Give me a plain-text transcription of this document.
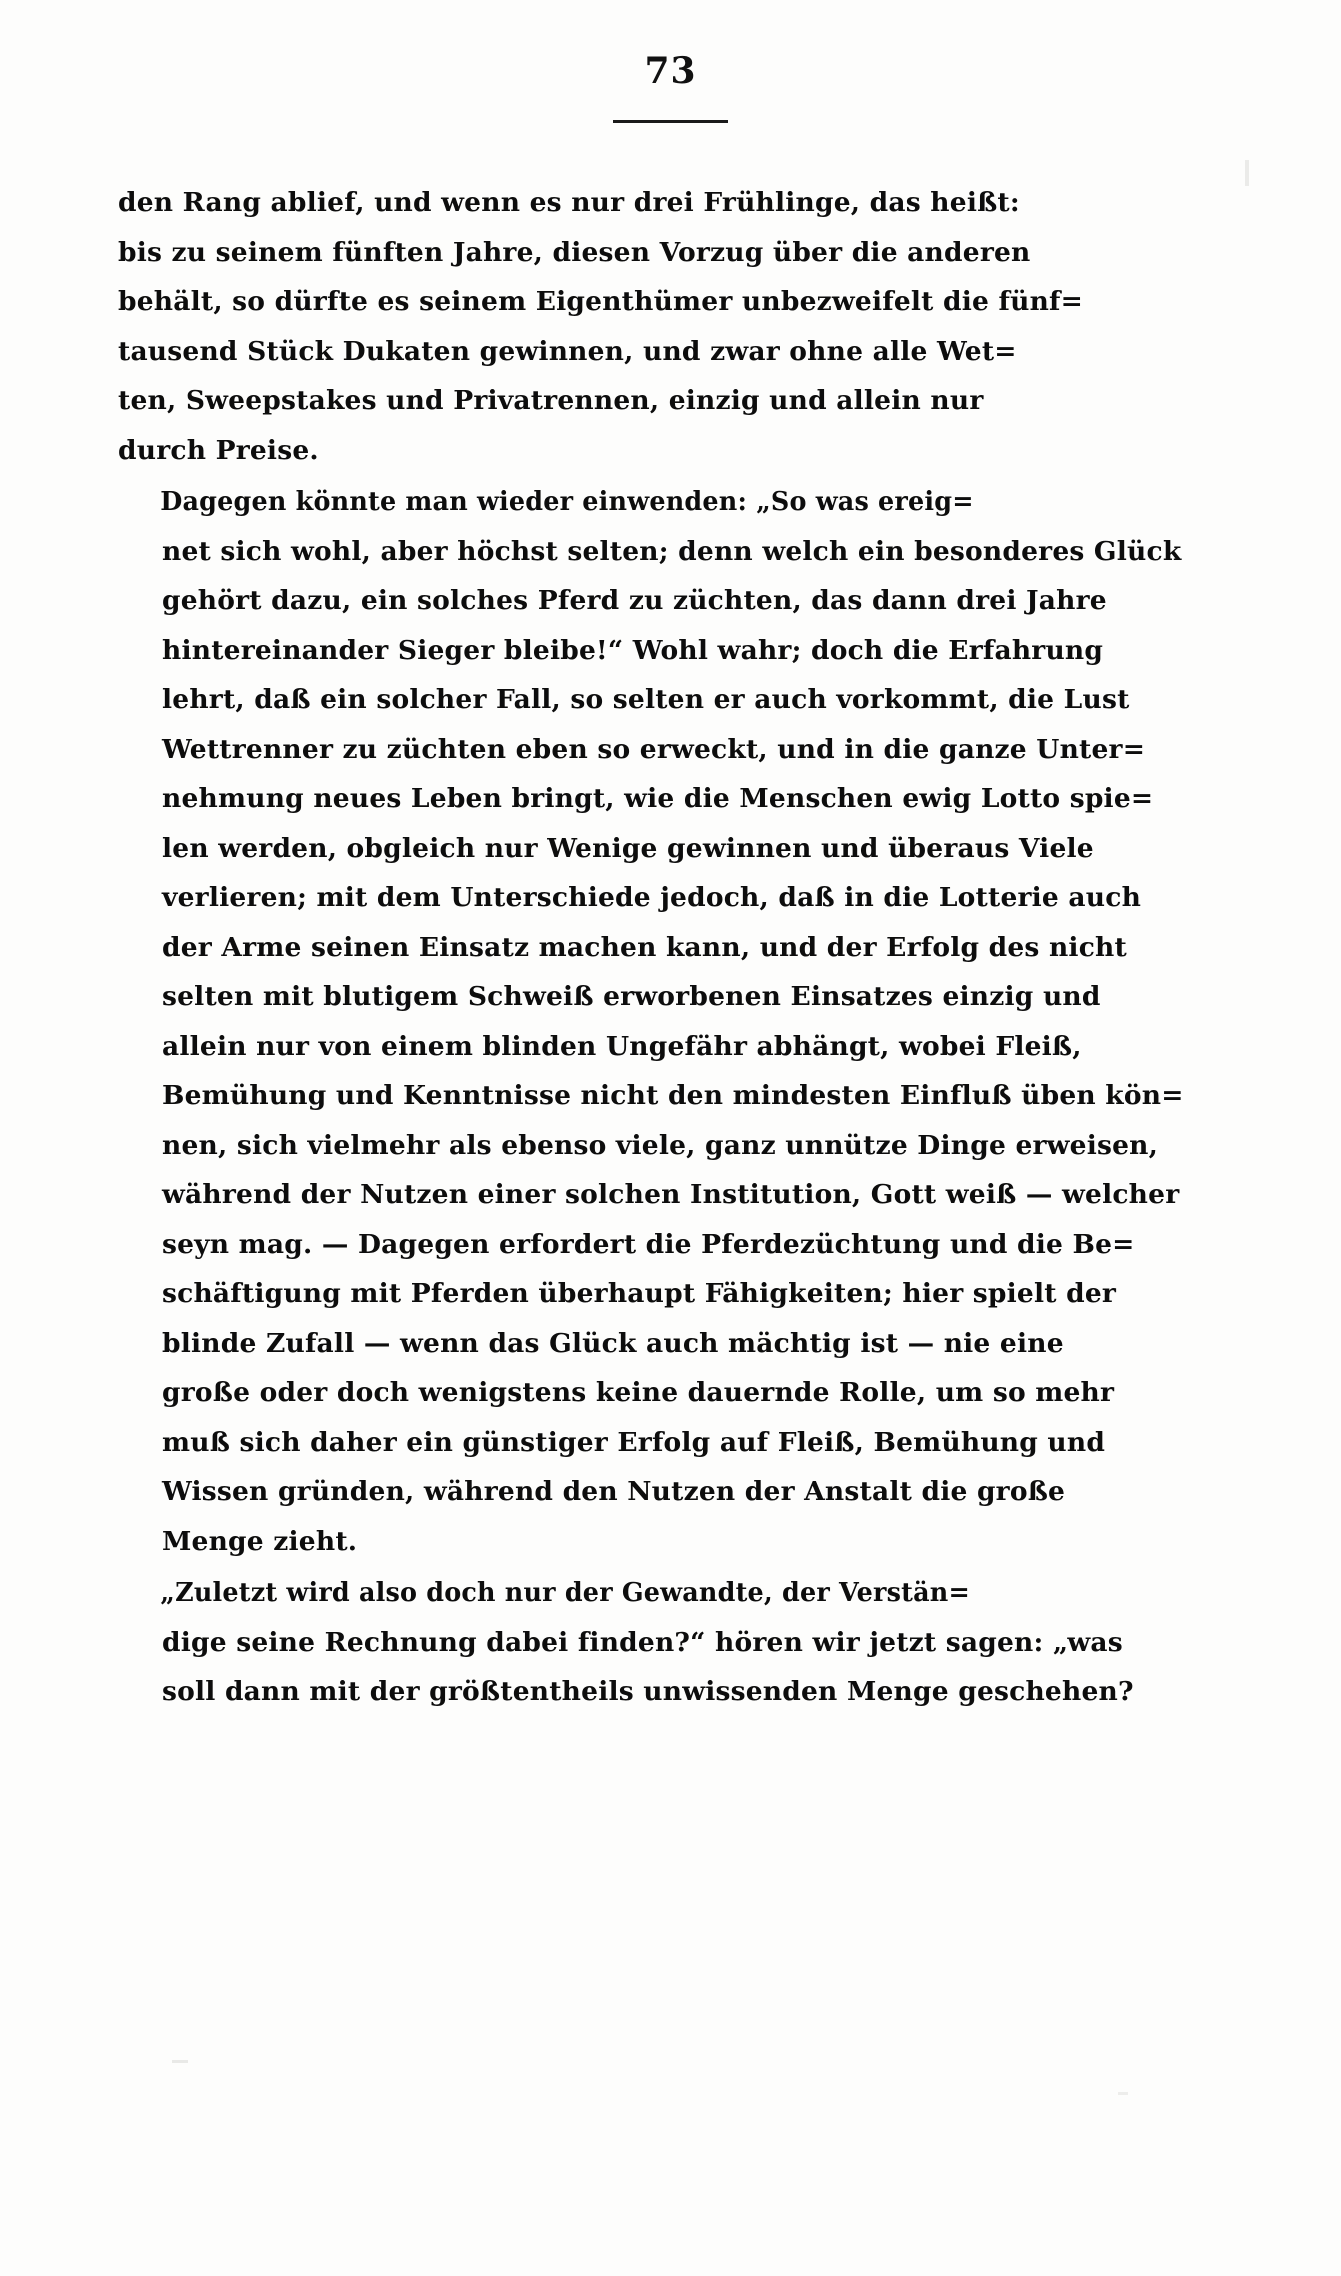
73

den Rang ablief, und wenn es nur drei Frühlinge, das heißt:
bis zu seinem fünften Jahre, diesen Vorzug über die anderen
behält, so dürfte es seinem Eigenthümer unbezweifelt die fünf=
tausend Stück Dukaten gewinnen, und zwar ohne alle Wet=
ten, Sweepstakes und Privatrennen, einzig und allein nur
durch Preise.

Dagegen könnte man wieder einwenden: „So was ereig=
net sich wohl, aber höchst selten; denn welch ein besonderes Glück
gehört dazu, ein solches Pferd zu züchten, das dann drei Jahre
hintereinander Sieger bleibe!“ Wohl wahr; doch die Erfahrung
lehrt, daß ein solcher Fall, so selten er auch vorkommt, die Lust
Wettrenner zu züchten eben so erweckt, und in die ganze Unter=
nehmung neues Leben bringt, wie die Menschen ewig Lotto spie=
len werden, obgleich nur Wenige gewinnen und überaus Viele
verlieren; mit dem Unterschiede jedoch, daß in die Lotterie auch
der Arme seinen Einsatz machen kann, und der Erfolg des nicht
selten mit blutigem Schweiß erworbenen Einsatzes einzig und
allein nur von einem blinden Ungefähr abhängt, wobei Fleiß,
Bemühung und Kenntnisse nicht den mindesten Einfluß üben kön=
nen, sich vielmehr als ebenso viele, ganz unnütze Dinge erweisen,
während der Nutzen einer solchen Institution, Gott weiß — welcher
seyn mag. — Dagegen erfordert die Pferdezüchtung und die Be=
schäftigung mit Pferden überhaupt Fähigkeiten; hier spielt der
blinde Zufall — wenn das Glück auch mächtig ist — nie eine
große oder doch wenigstens keine dauernde Rolle, um so mehr
muß sich daher ein günstiger Erfolg auf Fleiß, Bemühung und
Wissen gründen, während den Nutzen der Anstalt die große
Menge zieht.

„Zuletzt wird also doch nur der Gewandte, der Verstän=
dige seine Rechnung dabei finden?“ hören wir jetzt sagen: „was
soll dann mit der größtentheils unwissenden Menge geschehen?
